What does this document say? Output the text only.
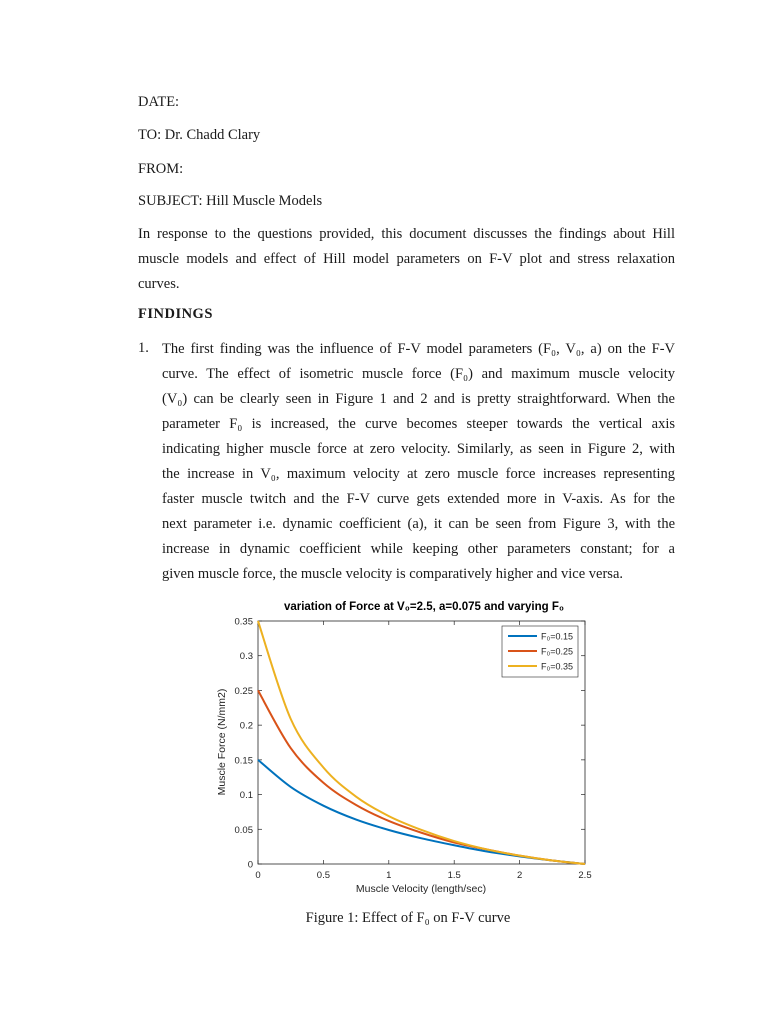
DATE:
TO: Dr. Chadd Clary
FROM:
SUBJECT: Hill Muscle Models
In response to the questions provided, this document discusses the findings about Hill
muscle models and effect of Hill model parameters on F-V plot and stress relaxation
curves.
FINDINGS
1. The first finding was the influence of F-V model parameters (F₀, V₀, a) on the F-V
curve. The effect of isometric muscle force (F₀) and maximum muscle velocity
(V₀) can be clearly seen in Figure 1 and 2 and is pretty straightforward. When the
parameter F₀ is increased, the curve becomes steeper towards the vertical axis
indicating higher muscle force at zero velocity. Similarly, as seen in Figure 2, with
the increase in V₀, maximum velocity at zero muscle force increases representing
faster muscle twitch and the F-V curve gets extended more in V-axis. As for the
next parameter i.e. dynamic coefficient (a), it can be seen from Figure 3, with the
increase in dynamic coefficient while keeping other parameters constant; for a
given muscle force, the muscle velocity is comparatively higher and vice versa.
variation of Force at V₀=2.5, a=0.075 and varying F₀
0
0.05
0.1
0.15
0.2
0.25
0.3
0.35
0	0.5	1	1.5	2	2.5
Muscle Velocity (length/sec)
Muscle Force (N/mm2)
F₀=0.15
F₀=0.25
F₀=0.35
Figure 1: Effect of F₀ on F-V curve
